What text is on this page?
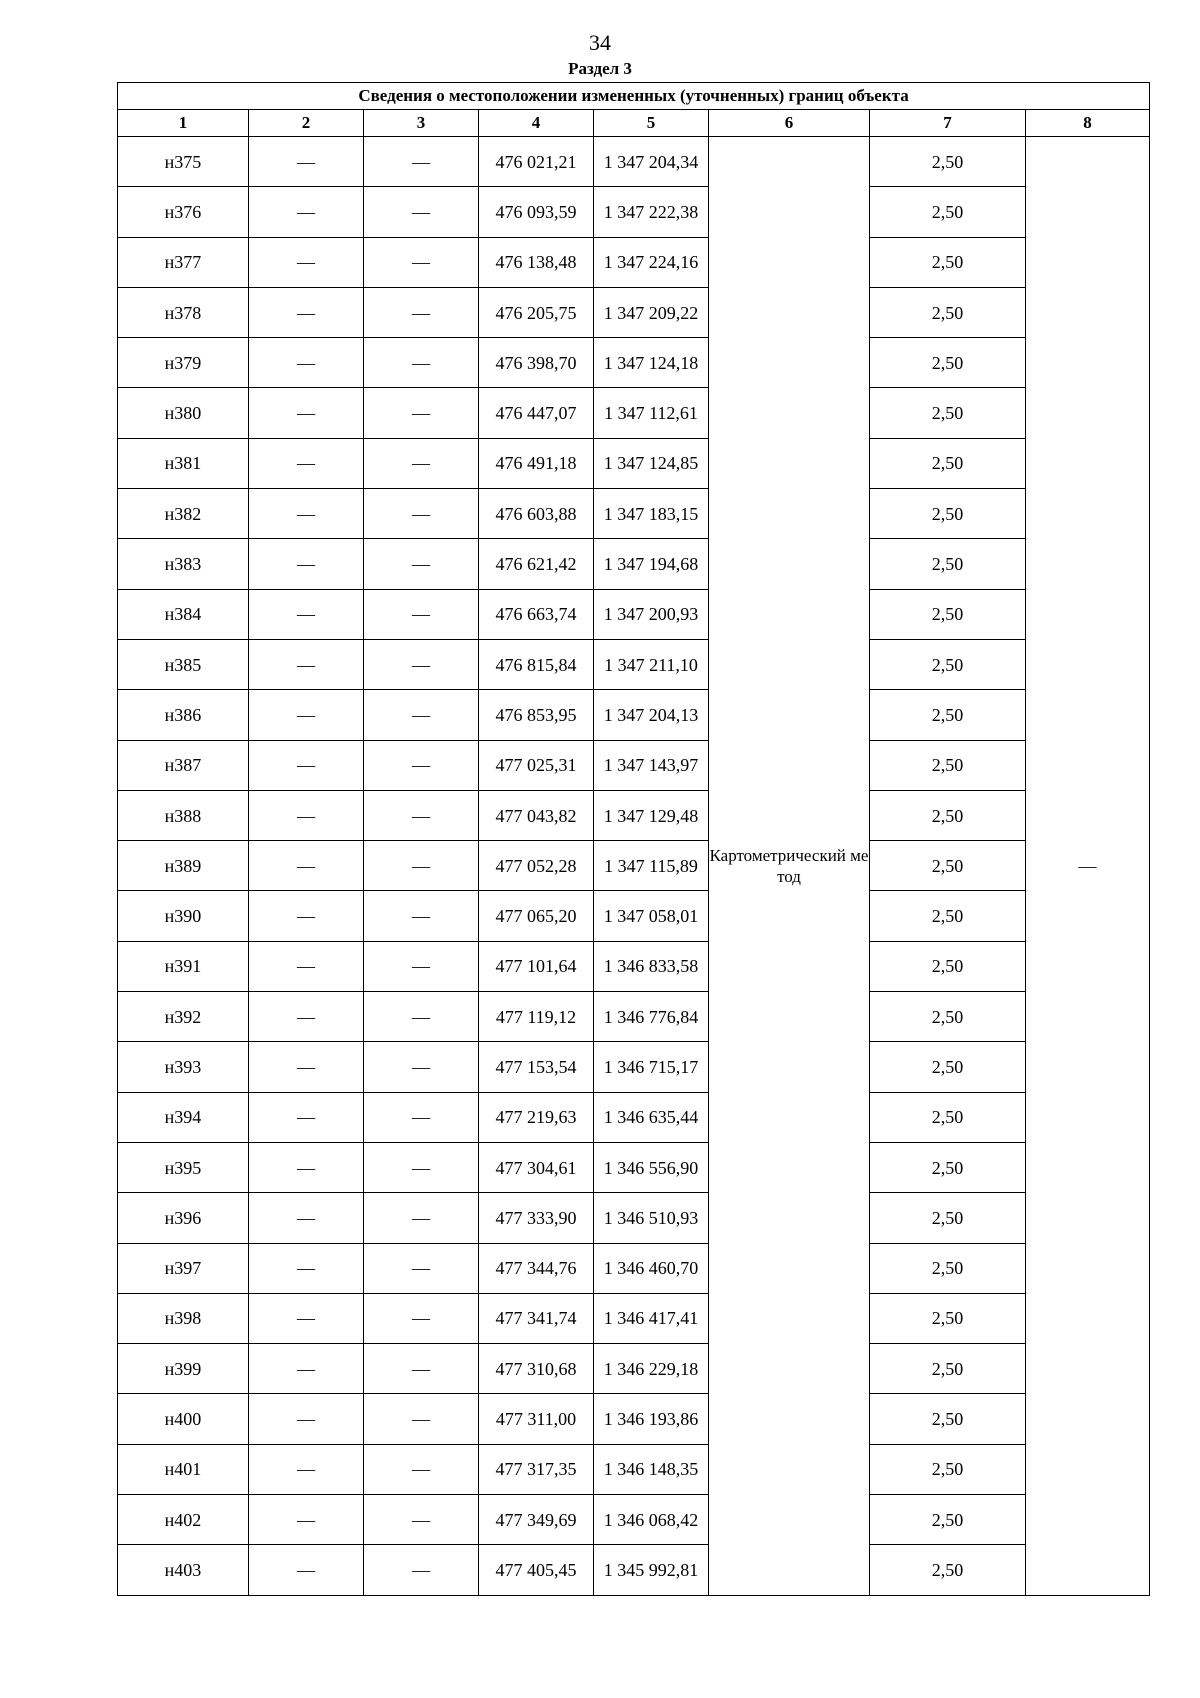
34
Раздел 3
Сведения о местоположении измененных (уточненных) границ объекта							
1	2	3	4	5	6	7	8
н375	—	—	476 021,21	1 347 204,34	Картометрический метод	2,50	—
н376	—	—	476 093,59	1 347 222,38		2,50	
н377	—	—	476 138,48	1 347 224,16		2,50	
н378	—	—	476 205,75	1 347 209,22		2,50	
н379	—	—	476 398,70	1 347 124,18		2,50	
н380	—	—	476 447,07	1 347 112,61		2,50	
н381	—	—	476 491,18	1 347 124,85		2,50	
н382	—	—	476 603,88	1 347 183,15		2,50	
н383	—	—	476 621,42	1 347 194,68		2,50	
н384	—	—	476 663,74	1 347 200,93		2,50	
н385	—	—	476 815,84	1 347 211,10		2,50	
н386	—	—	476 853,95	1 347 204,13		2,50	
н387	—	—	477 025,31	1 347 143,97		2,50	
н388	—	—	477 043,82	1 347 129,48		2,50	
н389	—	—	477 052,28	1 347 115,89		2,50	
н390	—	—	477 065,20	1 347 058,01		2,50	
н391	—	—	477 101,64	1 346 833,58		2,50	
н392	—	—	477 119,12	1 346 776,84		2,50	
н393	—	—	477 153,54	1 346 715,17		2,50	
н394	—	—	477 219,63	1 346 635,44		2,50	
н395	—	—	477 304,61	1 346 556,90		2,50	
н396	—	—	477 333,90	1 346 510,93		2,50	
н397	—	—	477 344,76	1 346 460,70		2,50	
н398	—	—	477 341,74	1 346 417,41		2,50	
н399	—	—	477 310,68	1 346 229,18		2,50	
н400	—	—	477 311,00	1 346 193,86		2,50	
н401	—	—	477 317,35	1 346 148,35		2,50	
н402	—	—	477 349,69	1 346 068,42		2,50	
н403	—	—	477 405,45	1 345 992,81		2,50	
